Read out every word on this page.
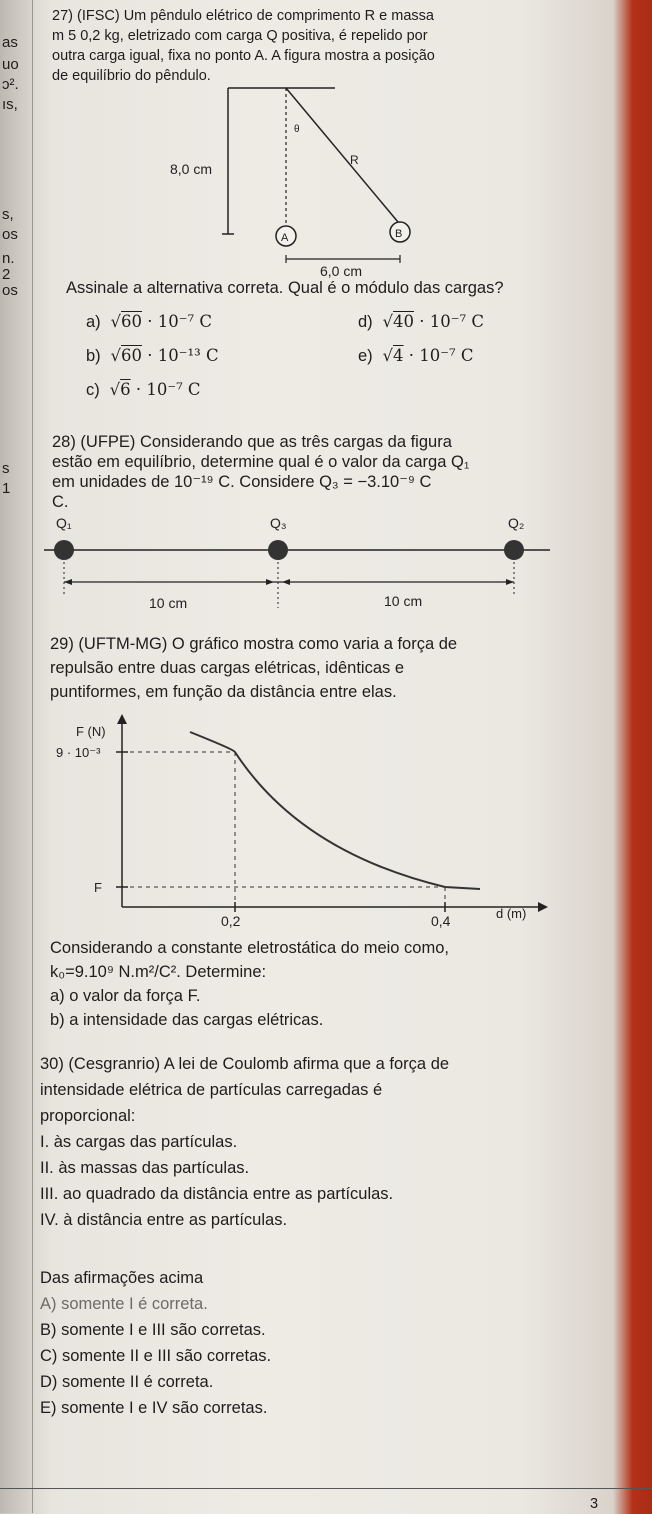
as
uo
ↄ².
ıs,
s,
os
n.
2
os
s
1
27) (IFSC) Um pêndulo elétrico de comprimento R e massa
m 5 0,2 kg, eletrizado com carga Q positiva, é repelido por
outra carga igual, fixa no ponto A. A figura mostra a posição
de equilíbrio do pêndulo.
θ
R
8,0 cm
A	B
6,0 cm
Assinale a alternativa correta. Qual é o módulo das cargas?
a)  √60 · 10⁻⁷ C
b)  √60 · 10⁻¹³ C
c)  √6 · 10⁻⁷ C
d)  √40 · 10⁻⁷ C
e)  √4 · 10⁻⁷ C
28) (UFPE) Considerando que as três cargas da figura
estão em equilíbrio, determine qual é o valor da carga Q₁
em unidades de 10⁻¹⁹ C. Considere Q₃ = −3.10⁻⁹ C
C.
Q₁	Q₃	Q₂
10 cm	10 cm
29) (UFTM-MG) O gráfico mostra como varia a força de
repulsão entre duas cargas elétricas, idênticas e
puntiformes, em função da distância entre elas.
F (N)
d (m)
0,2	0,4
9 · 10⁻³
F
Considerando a constante eletrostática do meio como,
k₀=9.10⁹ N.m²/C². Determine:
a) o valor da força F.
b) a intensidade das cargas elétricas.
30) (Cesgranrio) A lei de Coulomb afirma que a força de
intensidade elétrica de partículas carregadas é
proporcional:
I. às cargas das partículas.
II. às massas das partículas.
III. ao quadrado da distância entre as partículas.
IV. à distância entre as partículas.
Das afirmações acima
A) somente I é correta.
B) somente I e III são corretas.
C) somente II e III são corretas.
D) somente II é correta.
E) somente I e IV são corretas.
3
